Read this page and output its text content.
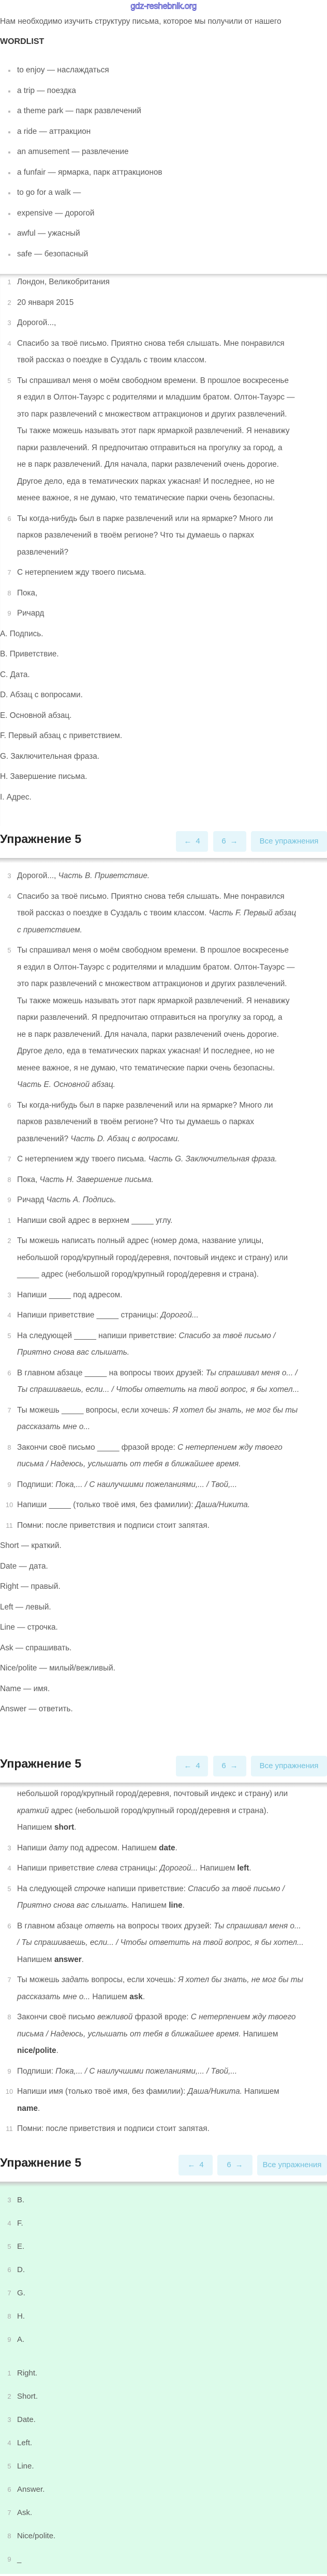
gdz-reshebnik.org
Нам необходимо изучить структуру письма, которое мы получили от нашего
WORDLIST
to enjoy — наслаждаться
a trip — поездка
a theme park — парк развлечений
a ride — аттракцион
an amusement — развлечение
a funfair — ярмарка, парк аттракционов
to go for a walk —
expensive — дорогой
awful — ужасный
safe — безопасный
1 Лондон, Великобритания
2 20 января 2015
3 Дорогой...,
4 Спасибо за твоё письмо. Приятно снова тебя слышать. Мне понравился
твой рассказ о поездке в Суздаль с твоим классом.
5 Ты спрашивал меня о моём свободном времени. В прошлое воскресенье
я ездил в Олтон-Тауэрс с родителями и младшим братом. Олтон-Тауэрс —
это парк развлечений с множеством аттракционов и других развлечений.
Ты также можешь называть этот парк ярмаркой развлечений. Я ненавижу
парки развлечений. Я предпочитаю отправиться на прогулку за город, а
не в парк развлечений. Для начала, парки развлечений очень дорогие.
Другое дело, еда в тематических парках ужасная! И последнее, но не
менее важное, я не думаю, что тематические парки очень безопасны.
6 Ты когда-нибудь был в парке развлечений или на ярмарке? Много ли
парков развлечений в твоём регионе? Что ты думаешь о парках
развлечений?
7 С нетерпением жду твоего письма.
8 Пока,
9 Ричард
A. Подпись.
B. Приветствие.
C. Дата.
D. Абзац с вопросами.
E. Основной абзац.
F. Первый абзац с приветствием.
G. Заключительная фраза.
H. Завершение письма.
I. Адрес.
Упражнение 5 ←	4	6 →	Все упражнения
3 Дорогой..., Часть B. Приветствие.
4 Спасибо за твоё письмо. Приятно снова тебя слышать. Мне понравился
твой рассказ о поездке в Суздаль с твоим классом. Часть F. Первый абзац
с приветствием.
5 Ты спрашивал меня о моём свободном времени. В прошлое воскресенье
я ездил в Олтон-Тауэрс с родителями и младшим братом. Олтон-Тауэрс —
это парк развлечений с множеством аттракционов и других развлечений.
Ты также можешь называть этот парк ярмаркой развлечений. Я ненавижу
парки развлечений. Я предпочитаю отправиться на прогулку за город, а
не в парк развлечений. Для начала, парки развлечений очень дорогие.
Другое дело, еда в тематических парках ужасная! И последнее, но не
менее важное, я не думаю, что тематические парки очень безопасны.
Часть E. Основной абзац.
6 Ты когда-нибудь был в парке развлечений или на ярмарке? Много ли
парков развлечений в твоём регионе? Что ты думаешь о парках
развлечений? Часть D. Абзац с вопросами.
7 С нетерпением жду твоего письма. Часть G. Заключительная фраза.
8 Пока, Часть H. Завершение письма.
9 Ричард Часть A. Подпись.
1 Напиши свой адрес в верхнем _____ углу.
2 Ты можешь написать полный адрес (номер дома, название улицы,
небольшой город/крупный город/деревня, почтовый индекс и страну) или
_____ адрес (небольшой город/крупный город/деревня и страна).
3 Напиши _____ под адресом.
4 Напиши приветствие _____ страницы: Дорогой...
5 На следующей _____ напиши приветствие: Спасибо за твоё письмо /
Приятно снова вас слышать.
6 В главном абзаце _____ на вопросы твоих друзей: Ты спрашивал меня о... /
Ты спрашиваешь, если... / Чтобы ответить на твой вопрос, я бы хотел...
7 Ты можешь _____ вопросы, если хочешь: Я хотел бы знать, не мог бы ты
рассказать мне о...
8 Закончи своё письмо _____ фразой вроде: С нетерпением жду твоего
письма / Надеюсь, услышать от тебя в ближайшее время.
9 Подпиши: Пока,... / С наилучшими пожеланиями,... / Твой,...
10 Напиши _____ (только твоё имя, без фамилии): Даша/Никита.
11 Помни: после приветствия и подписи стоит запятая.
Short — краткий.
Date — дата.
Right — правый.
Left — левый.
Line — строчка.
Ask — спрашивать.
Nice/polite — милый/вежливый.
Name — имя.
Answer — ответить.
Упражнение 5 ←	4	6 →	Все упражнения
небольшой город/крупный город/деревня, почтовый индекс и страну) или
краткий адрес (небольшой город/крупный город/деревня и страна).
Напишем short.
3 Напиши дату под адресом. Напишем date.
4 Напиши приветствие слева страницы: Дорогой... Напишем left.
5 На следующей строчке напиши приветствие: Спасибо за твоё письмо /
Приятно снова вас слышать. Напишем line.
6 В главном абзаце ответь на вопросы твоих друзей: Ты спрашивал меня о...
/ Ты спрашиваешь, если... / Чтобы ответить на твой вопрос, я бы хотел...
Напишем answer.
7 Ты можешь задать вопросы, если хочешь: Я хотел бы знать, не мог бы ты
рассказать мне о... Напишем ask.
8 Закончи своё письмо вежливой фразой вроде: С нетерпением жду твоего
письма / Надеюсь, услышать от тебя в ближайшее время. Напишем
nice/polite.
9 Подпиши: Пока,... / С наилучшими пожеланиями,... / Твой,...
10 Напиши имя (только твоё имя, без фамилии): Даша/Никита. Напишем
name.
11 Помни: после приветствия и подписи стоит запятая.
Упражнение 5 ←	4	6 →	Все упражнения
3 B.
4 F.
5 E.
6 D.
7 G.
8 H.
9 A.
1 Right.
2 Short.
3 Date.
4 Left.
5 Line.
6 Answer.
7 Ask.
8 Nice/polite.
9 _
